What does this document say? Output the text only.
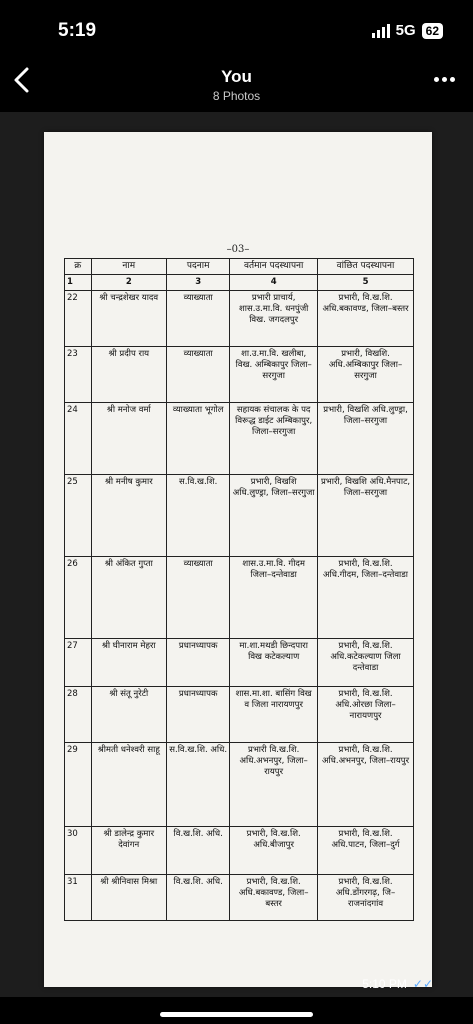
5:19	5G 62
You
8 Photos
–03–
क्र	नाम	पदनाम	वर्तमान पदस्थापना	वांछित पदस्थापना
1	2	3	4	5
22	श्री चन्द्रशेखर यादव	व्याख्याता	प्रभारी प्राचार्य, शास.उ.मा.वि. धनपुंजी विख. जगदलपुर	प्रभारी, वि.ख.शि. अधि.बकावण्ड, जिला–बस्तर
23	श्री प्रदीप राय	व्याख्याता	शा.उ.मा.वि. खलीबा, विख. अम्बिकापुर जिला–सरगुजा	प्रभारी, विखशि. अधि.अम्बिकापुर जिला–सरगुजा
24	श्री मनोज वर्मा	व्याख्याता भूगोल	सहायक संचालक के पद विरूद्ध डाईट अम्बिकापुर, जिला–सरगुजा	प्रभारी, विखशि अधि.लुण्ड्रा, जिला–सरगुजा
25	श्री मनीष कुमार	स.वि.ख.शि.	प्रभारी, विखशि अधि.लुण्ड्रा, जिला–सरगुजा	प्रभारी, विखशि अधि.मैनपाट, जिला–सरगुजा
26	श्री अंकित गुप्ता	व्याख्याता	शास.उ.मा.वि. गीदम जिला–दन्तेवाडा	प्रभारी, वि.ख.शि. अधि.गीदम, जिला–दन्तेवाडा
27	श्री घीनाराम मेहरा	प्रधानध्यापक	मा.शा.मथडी छिन्दपारा विख कटेकल्याण	प्रभारी, वि.ख.शि. अधि.कटेकल्याण जिला दन्तेवाडा
28	श्री संतू नुरेटी	प्रधानध्यापक	शास.मा.शा. बासिंग विख व जिला नारायणपुर	प्रभारी, वि.ख.शि. अधि.ओरछा जिला–नारायणपुर
29	श्रीमती धनेश्वरी साहू	स.वि.ख.शि. अधि.	प्रभारी वि.ख.शि. अधि.अभनपुर, जिला–रायपुर	प्रभारी, वि.ख.शि. अधि.अभनपुर, जिला–रायपुर
30	श्री डालेन्द्र कुमार देवांगन	वि.ख.शि. अधि.	प्रभारी, वि.ख.शि. अधि.बीजापुर	प्रभारी, वि.ख.शि. अधि.पाटन, जिला–दुर्ग
31	श्री श्रीनिवास मिश्रा	वि.ख.शि. अधि.	प्रभारी, वि.ख.शि. अधि.बकावण्ड, जिला–बस्तर	प्रभारी, वि.ख.शि. अधि.डोंगरगढ़, जि–राजनांदगांव
5:10 PM ✓✓
